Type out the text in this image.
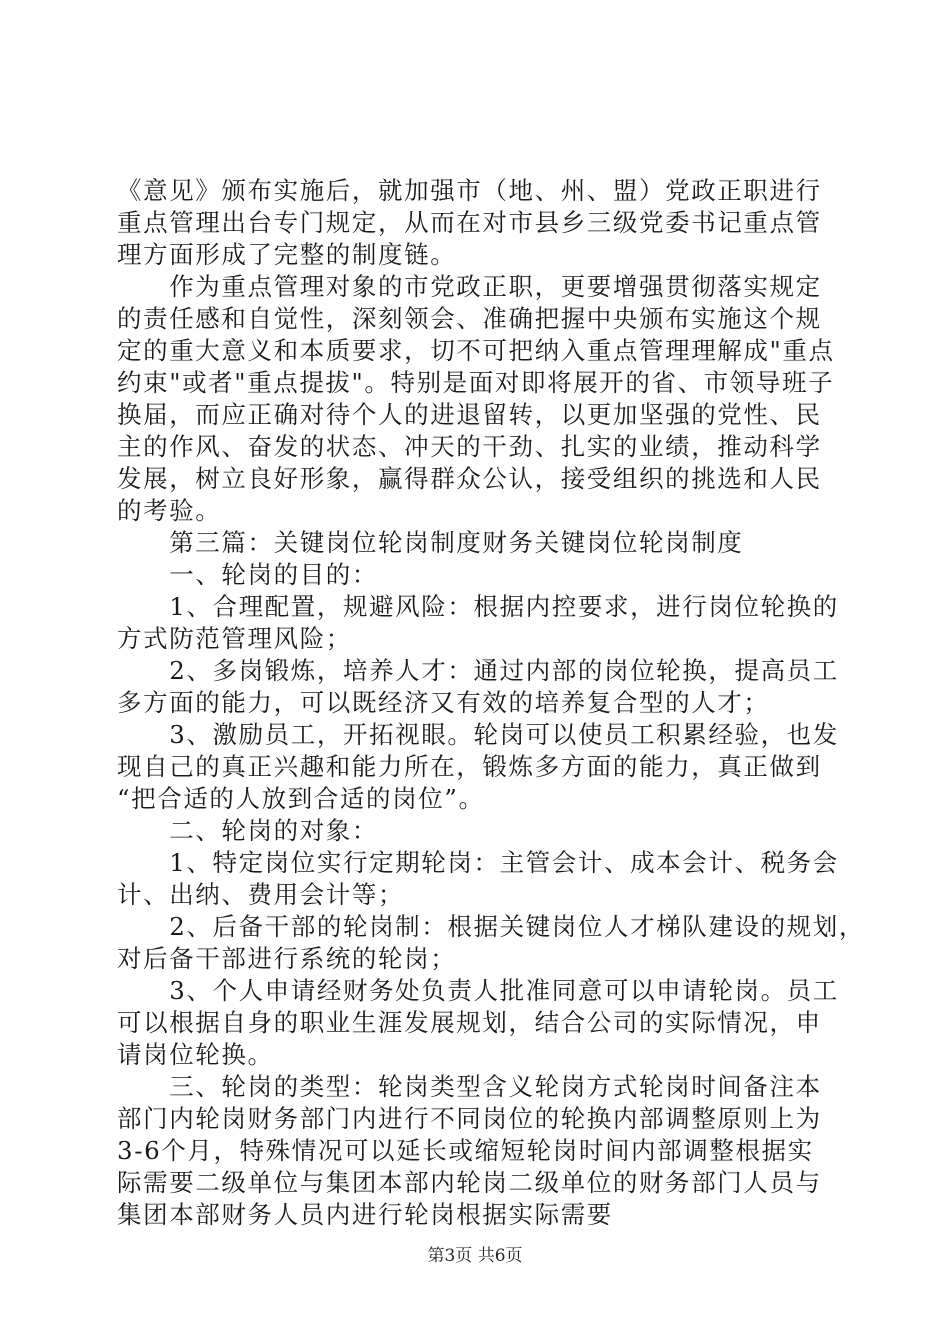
《意见》颁布实施后，就加强市（地、州、盟）党政正职进行
重点管理出台专门规定，从而在对市县乡三级党委书记重点管
理方面形成了完整的制度链。
　　作为重点管理对象的市党政正职，更要增强贯彻落实规定
的责任感和自觉性，深刻领会、准确把握中央颁布实施这个规
定的重大意义和本质要求，切不可把纳入重点管理理解成"重点
约束"或者"重点提拔"。特别是面对即将展开的省、市领导班子
换届，而应正确对待个人的进退留转，以更加坚强的党性、民
主的作风、奋发的状态、冲天的干劲、扎实的业绩，推动科学
发展，树立良好形象，赢得群众公认，接受组织的挑选和人民
的考验。
　　第三篇：关键岗位轮岗制度财务关键岗位轮岗制度
　　一、轮岗的目的：
　　1、合理配置，规避风险：根据内控要求，进行岗位轮换的
方式防范管理风险；
　　2、多岗锻炼，培养人才：通过内部的岗位轮换，提高员工
多方面的能力，可以既经济又有效的培养复合型的人才；
　　3、激励员工，开拓视眼。轮岗可以使员工积累经验，也发
现自己的真正兴趣和能力所在，锻炼多方面的能力，真正做到
“把合适的人放到合适的岗位”。
　　二、轮岗的对象：
　　1、特定岗位实行定期轮岗：主管会计、成本会计、税务会
计、出纳、费用会计等；
　　2、后备干部的轮岗制：根据关键岗位人才梯队建设的规划，
对后备干部进行系统的轮岗；
　　3、个人申请经财务处负责人批准同意可以申请轮岗。员工
可以根据自身的职业生涯发展规划，结合公司的实际情况，申
请岗位轮换。
　　三、轮岗的类型：轮岗类型含义轮岗方式轮岗时间备注本
部门内轮岗财务部门内进行不同岗位的轮换内部调整原则上为
3-6个月，特殊情况可以延长或缩短轮岗时间内部调整根据实
际需要二级单位与集团本部内轮岗二级单位的财务部门人员与
集团本部财务人员内进行轮岗根据实际需要
第3页 共6页
